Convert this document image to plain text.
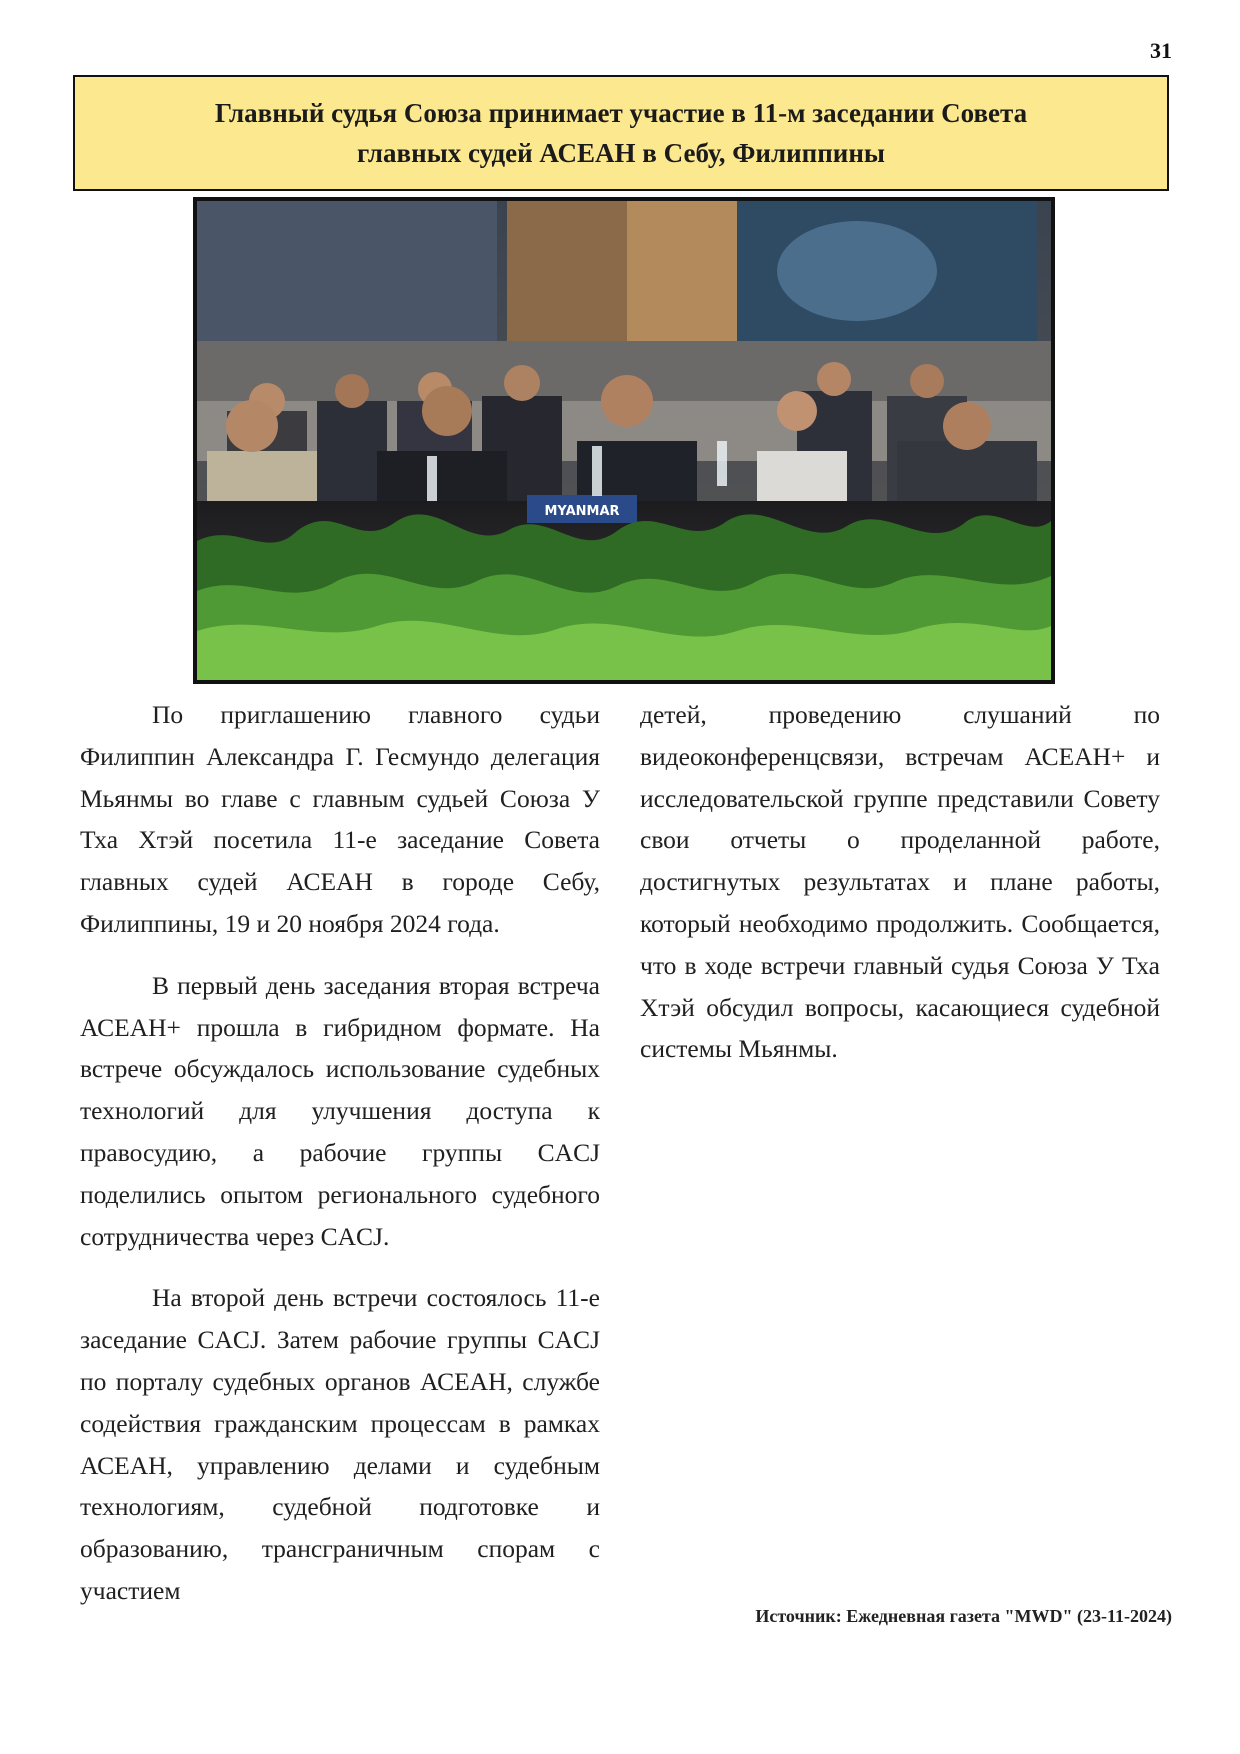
31
Главный судья Союза принимает участие в 11-м заседании Совета
главных судей АСЕАН в Себу, Филиппины
MYANMAR

По приглашению главного судьи Филиппин Александра Г. Гесмундо делегация Мьянмы во главе с главным судьей Союза У Тха Хтэй посетила 11-е заседание Совета главных судей АСЕАН в городе Себу, Филиппины, 19 и 20 ноября 2024 года.

В первый день заседания вторая встреча АСЕАН+ прошла в гибридном формате. На встрече обсуждалось использование судебных технологий для улучшения доступа к правосудию, а рабочие группы CACJ поделились опытом регионального судебного сотрудничества через CACJ.

На второй день встречи состоялось 11-е заседание CACJ. Затем рабочие группы CACJ по порталу судебных органов АСЕАН, службе содействия гражданским процессам в рамках АСЕАН, управлению делами и судебным технологиям, судебной подготовке и образованию, трансграничным спорам с участием

детей, проведению слушаний по видеоконференцсвязи, встречам АСЕАН+ и исследовательской группе представили Совету свои отчеты о проделанной работе, достигнутых результатах и плане работы, который необходимо продолжить. Сообщается, что в ходе встречи главный судья Союза У Тха Хтэй обсудил вопросы, касающиеся судебной системы Мьянмы.

Источник: Ежедневная газета "MWD" (23-11-2024)
